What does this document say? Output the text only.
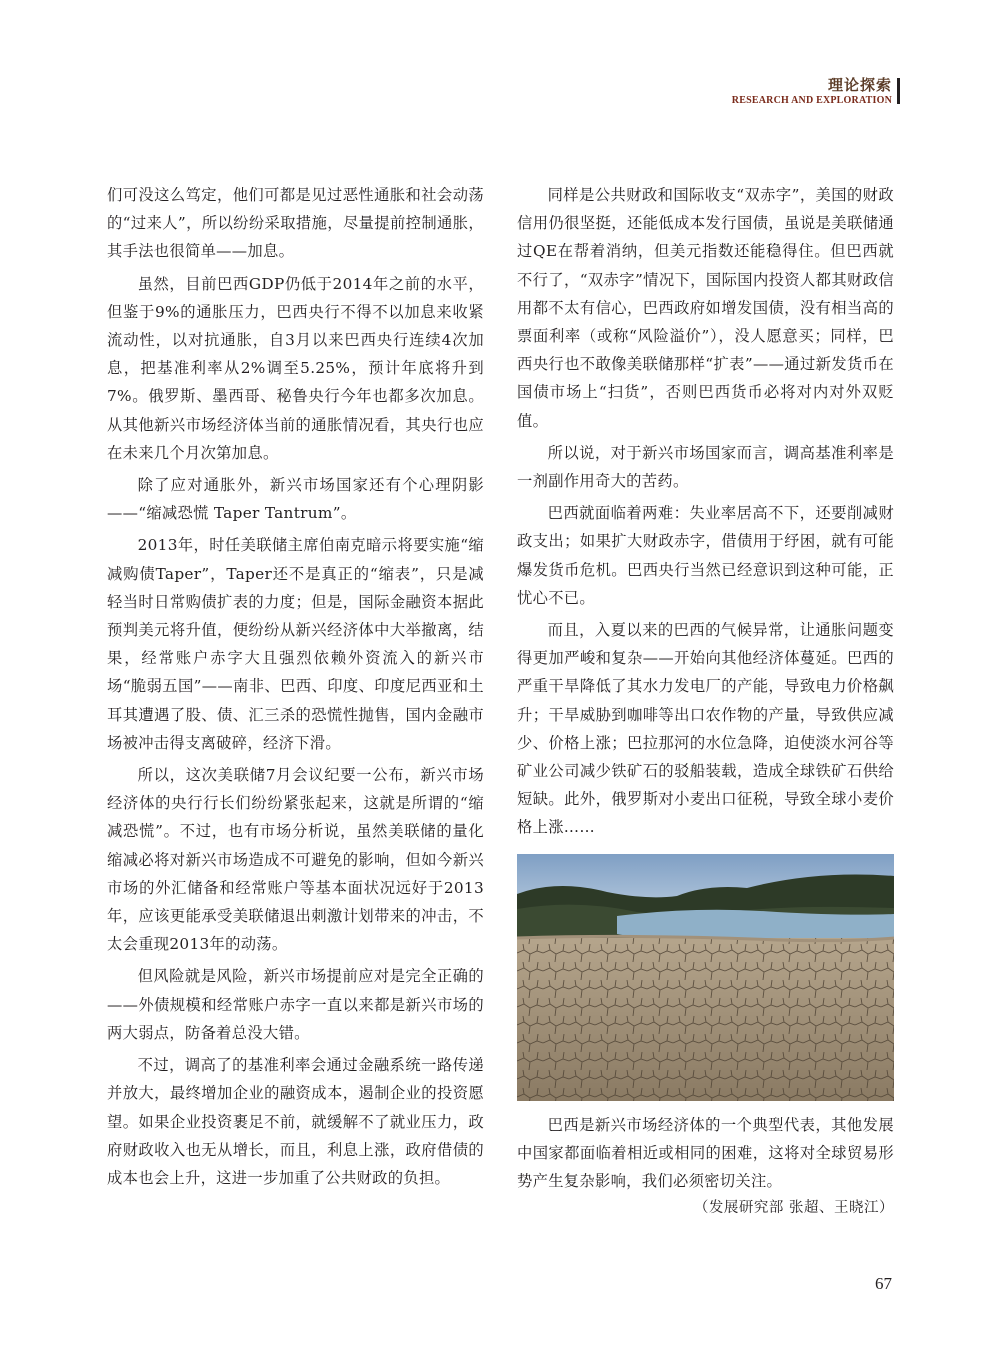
理论探索
RESEARCH AND EXPLORATION

们可没这么笃定，他们可都是见过恶性通胀和社会动荡的“过来人”，所以纷纷采取措施，尽量提前控制通胀，其手法也很简单——加息。

虽然，目前巴西GDP仍低于2014年之前的水平，但鉴于9%的通胀压力，巴西央行不得不以加息来收紧流动性，以对抗通胀，自3月以来巴西央行连续4次加息，把基准利率从2%调至5.25%，预计年底将升到7%。俄罗斯、墨西哥、秘鲁央行今年也都多次加息。从其他新兴市场经济体当前的通胀情况看，其央行也应在未来几个月次第加息。

除了应对通胀外，新兴市场国家还有个心理阴影——“缩减恐慌 Taper Tantrum”。

2013年，时任美联储主席伯南克暗示将要实施“缩减购债Taper”，Taper还不是真正的“缩表”，只是减轻当时日常购债扩表的力度；但是，国际金融资本据此预判美元将升值，便纷纷从新兴经济体中大举撤离，结果，经常账户赤字大且强烈依赖外资流入的新兴市场“脆弱五国”——南非、巴西、印度、印度尼西亚和土耳其遭遇了股、债、汇三杀的恐慌性抛售，国内金融市场被冲击得支离破碎，经济下滑。

所以，这次美联储7月会议纪要一公布，新兴市场经济体的央行行长们纷纷紧张起来，这就是所谓的“缩减恐慌”。不过，也有市场分析说，虽然美联储的量化缩减必将对新兴市场造成不可避免的影响，但如今新兴市场的外汇储备和经常账户等基本面状况远好于2013年，应该更能承受美联储退出刺激计划带来的冲击，不太会重现2013年的动荡。

但风险就是风险，新兴市场提前应对是完全正确的——外债规模和经常账户赤字一直以来都是新兴市场的两大弱点，防备着总没大错。

不过，调高了的基准利率会通过金融系统一路传递并放大，最终增加企业的融资成本，遏制企业的投资愿望。如果企业投资裹足不前，就缓解不了就业压力，政府财政收入也无从增长，而且，利息上涨，政府借债的成本也会上升，这进一步加重了公共财政的负担。

同样是公共财政和国际收支“双赤字”，美国的财政信用仍很坚挺，还能低成本发行国债，虽说是美联储通过QE在帮着消纳，但美元指数还能稳得住。但巴西就不行了，“双赤字”情况下，国际国内投资人都其财政信用都不太有信心，巴西政府如增发国债，没有相当高的票面利率（或称“风险溢价”），没人愿意买；同样，巴西央行也不敢像美联储那样“扩表”——通过新发货币在国债市场上“扫货”，否则巴西货币必将对内对外双贬值。

所以说，对于新兴市场国家而言，调高基准利率是一剂副作用奇大的苦药。

巴西就面临着两难：失业率居高不下，还要削减财政支出；如果扩大财政赤字，借债用于纾困，就有可能爆发货币危机。巴西央行当然已经意识到这种可能，正忧心不已。

而且，入夏以来的巴西的气候异常，让通胀问题变得更加严峻和复杂——开始向其他经济体蔓延。巴西的严重干旱降低了其水力发电厂的产能，导致电力价格飙升；干旱威胁到咖啡等出口农作物的产量，导致供应减少、价格上涨；巴拉那河的水位急降，迫使淡水河谷等矿业公司减少铁矿石的驳船装载，造成全球铁矿石供给短缺。此外，俄罗斯对小麦出口征税，导致全球小麦价格上涨……

巴西是新兴市场经济体的一个典型代表，其他发展中国家都面临着相近或相同的困难，这将对全球贸易形势产生复杂影响，我们必须密切关注。

（发展研究部 张超、王晓江）
67
